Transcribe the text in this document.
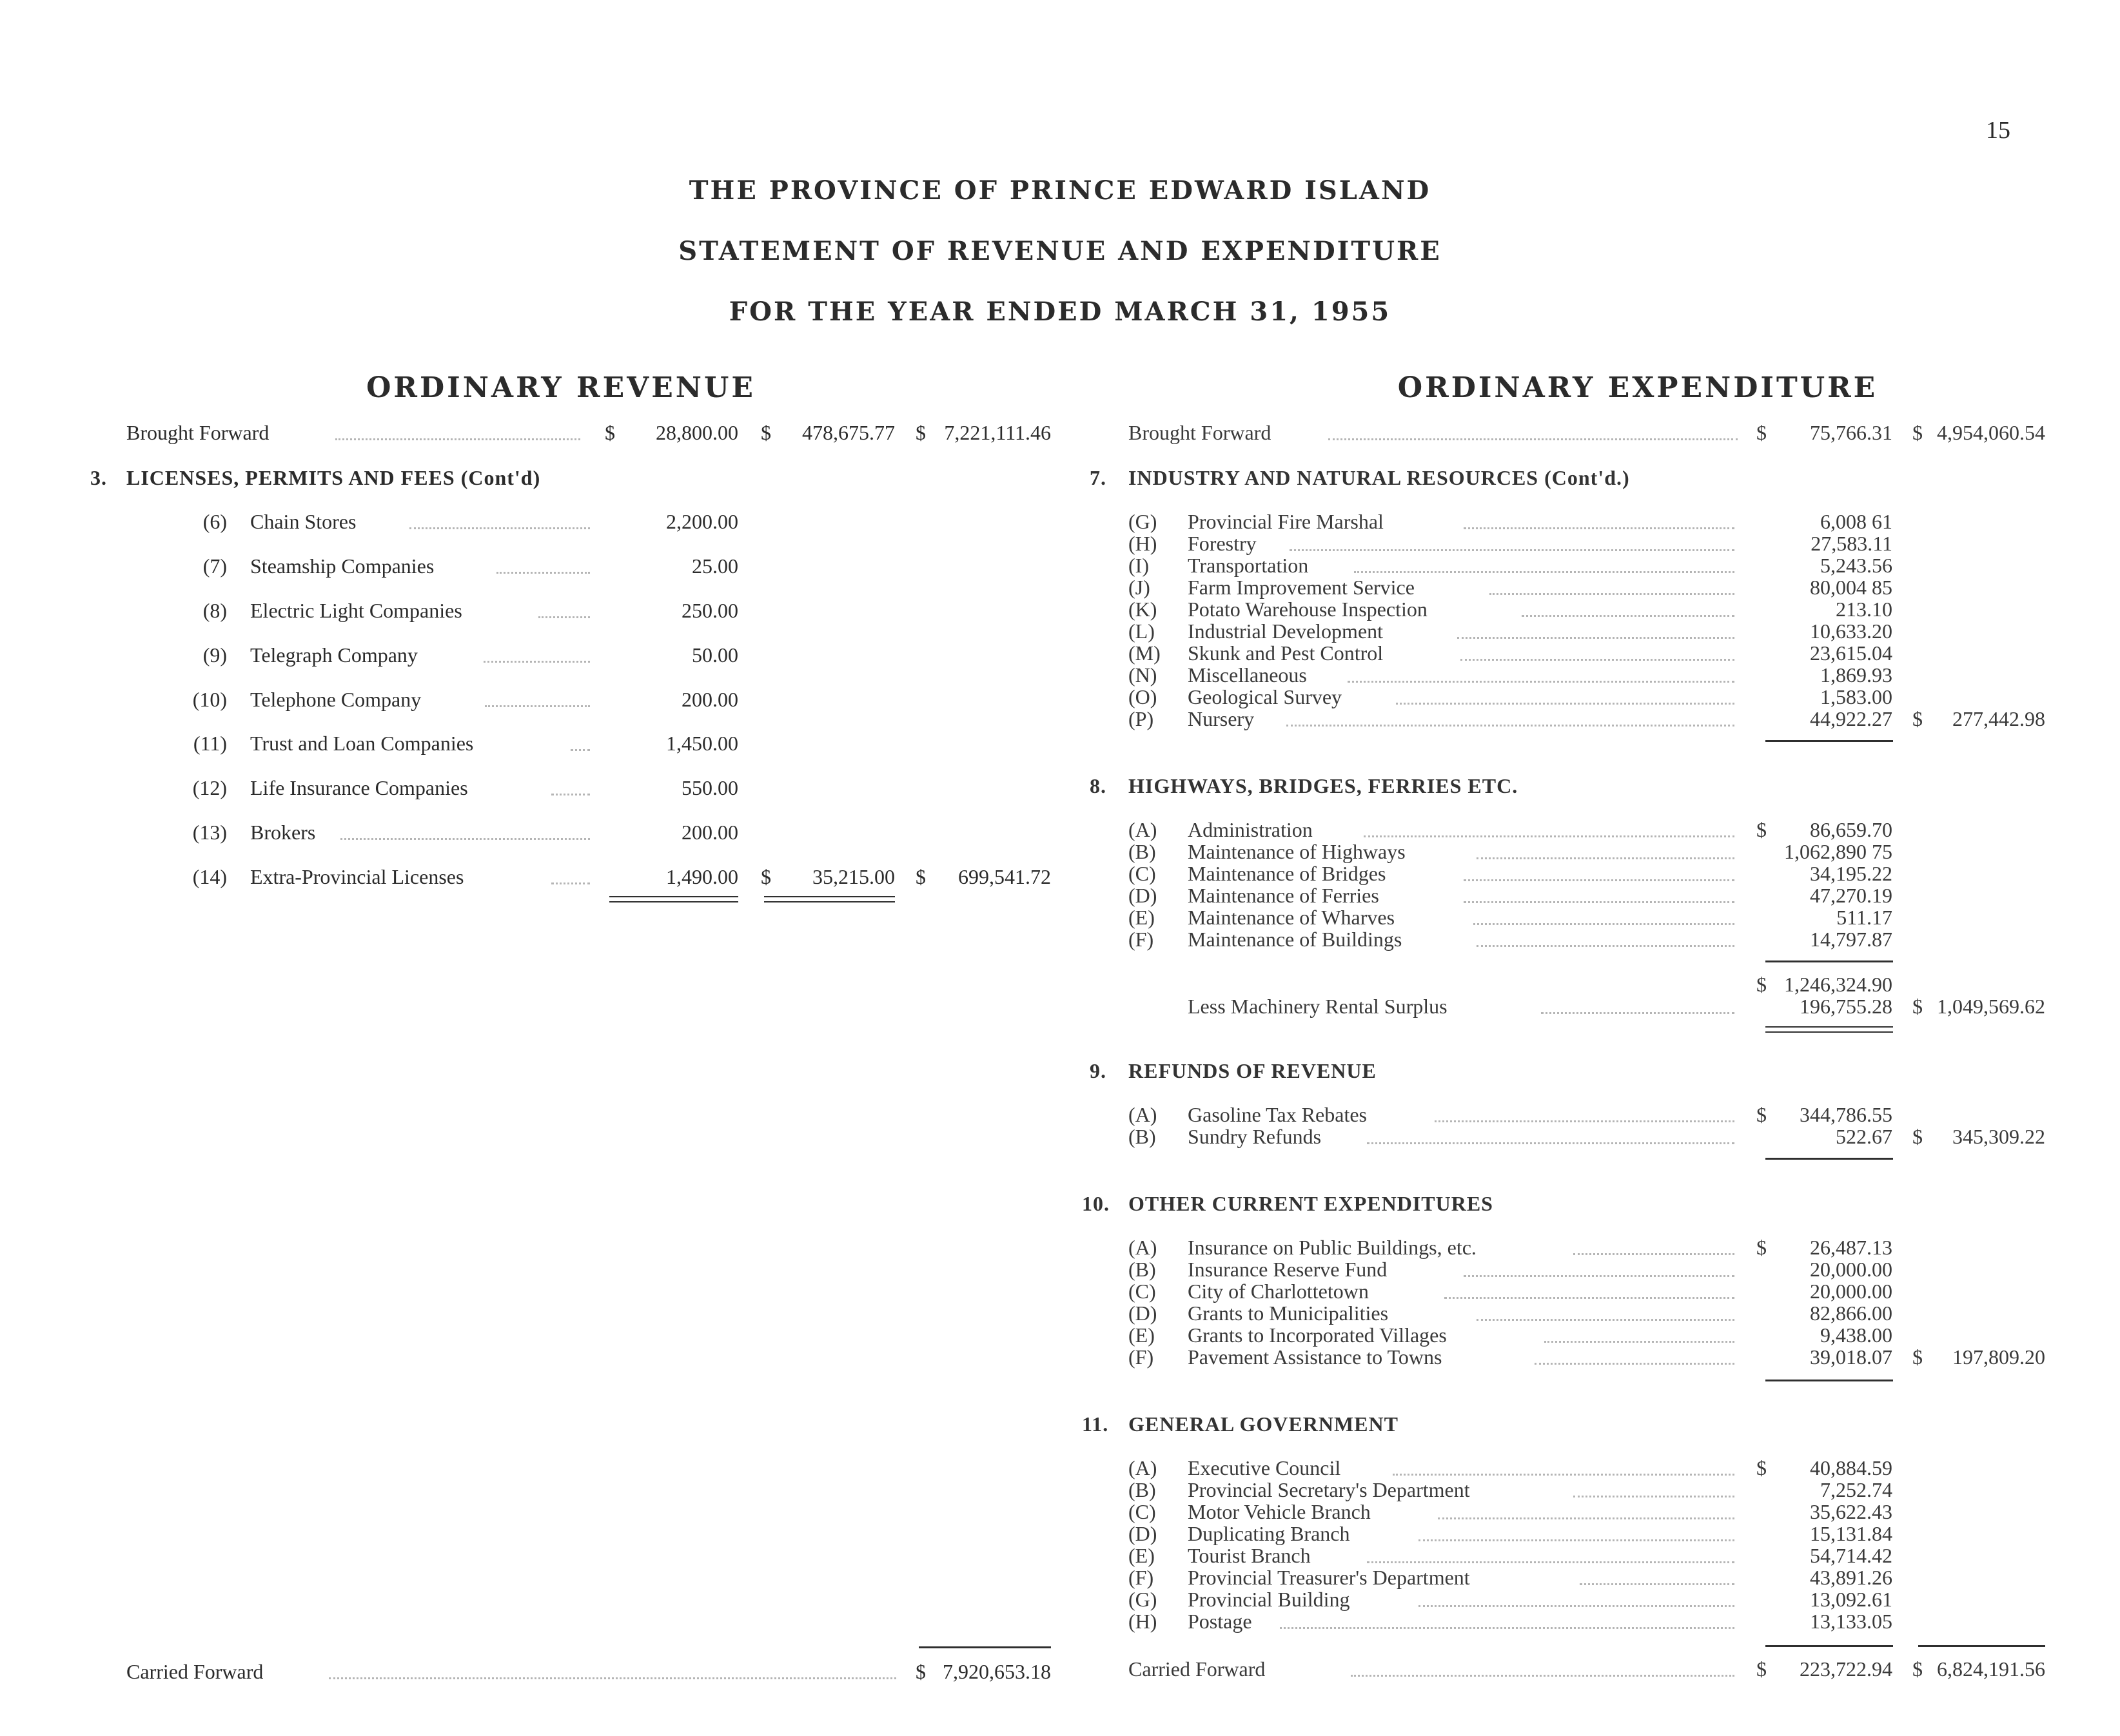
15
THE PROVINCE OF PRINCE EDWARD ISLAND
STATEMENT OF REVENUE AND EXPENDITURE
FOR THE YEAR ENDED MARCH 31, 1955
ORDINARY REVENUE
Brought Forward	$	28,800.00 $	478,675.77 $ 7,221,111.46
3. LICENSES, PERMITS AND FEES (Cont'd)
(6) Chain Stores	2,200.00
(7) Steamship Companies	25.00
(8) Electric Light Companies	250.00
(9) Telegraph Company	50.00
(10) Telephone Company	200.00
(11) Trust and Loan Companies	1,450.00
(12) Life Insurance Companies	550.00
(13) Brokers	200.00
(14) Extra-Provincial Licenses	1,490.00 $	35,215.00 $	699,541.72
Carried Forward	$ 7,920,653.18
ORDINARY EXPENDITURE
Brought Forward	$	75,766.31 $ 4,954,060.54
7. INDUSTRY AND NATURAL RESOURCES (Cont'd.)
(G) Provincial Fire Marshal	6,008 61
(H) Forestry	27,583.11
(I) Transportation	5,243.56
(J) Farm Improvement Service	80,004 85
(K) Potato Warehouse Inspection	213.10
(L) Industrial Development	10,633.20
(M) Skunk and Pest Control	23,615.04
(N) Miscellaneous	1,869.93
(O) Geological Survey	1,583.00
(P) Nursery	44,922.27 $	277,442.98
8. HIGHWAYS, BRIDGES, FERRIES ETC.
(A) Administration	$	86,659.70
(B) Maintenance of Highways	1,062,890 75
(C) Maintenance of Bridges	34,195.22
(D) Maintenance of Ferries	47,270.19
(E) Maintenance of Wharves	511.17
(F) Maintenance of Buildings	14,797.87
$ 1,246,324.90
Less Machinery Rental Surplus	196,755.28 $ 1,049,569.62
9. REFUNDS OF REVENUE
(A) Gasoline Tax Rebates	$	344,786.55
(B) Sundry Refunds	522.67 $	345,309.22
10. OTHER CURRENT EXPENDITURES
(A) Insurance on Public Buildings, etc.	$	26,487.13
(B) Insurance Reserve Fund	20,000.00
(C) City of Charlottetown	20,000.00
(D) Grants to Municipalities	82,866.00
(E) Grants to Incorporated Villages	9,438.00
(F) Pavement Assistance to Towns	39,018.07 $	197,809.20
11. GENERAL GOVERNMENT
(A) Executive Council	$	40,884.59
(B) Provincial Secretary's Department	7,252.74
(C) Motor Vehicle Branch	35,622.43
(D) Duplicating Branch	15,131.84
(E) Tourist Branch	54,714.42
(F) Provincial Treasurer's Department	43,891.26
(G) Provincial Building	13,092.61
(H) Postage	13,133.05
Carried Forward	$	223,722.94 $ 6,824,191.56
